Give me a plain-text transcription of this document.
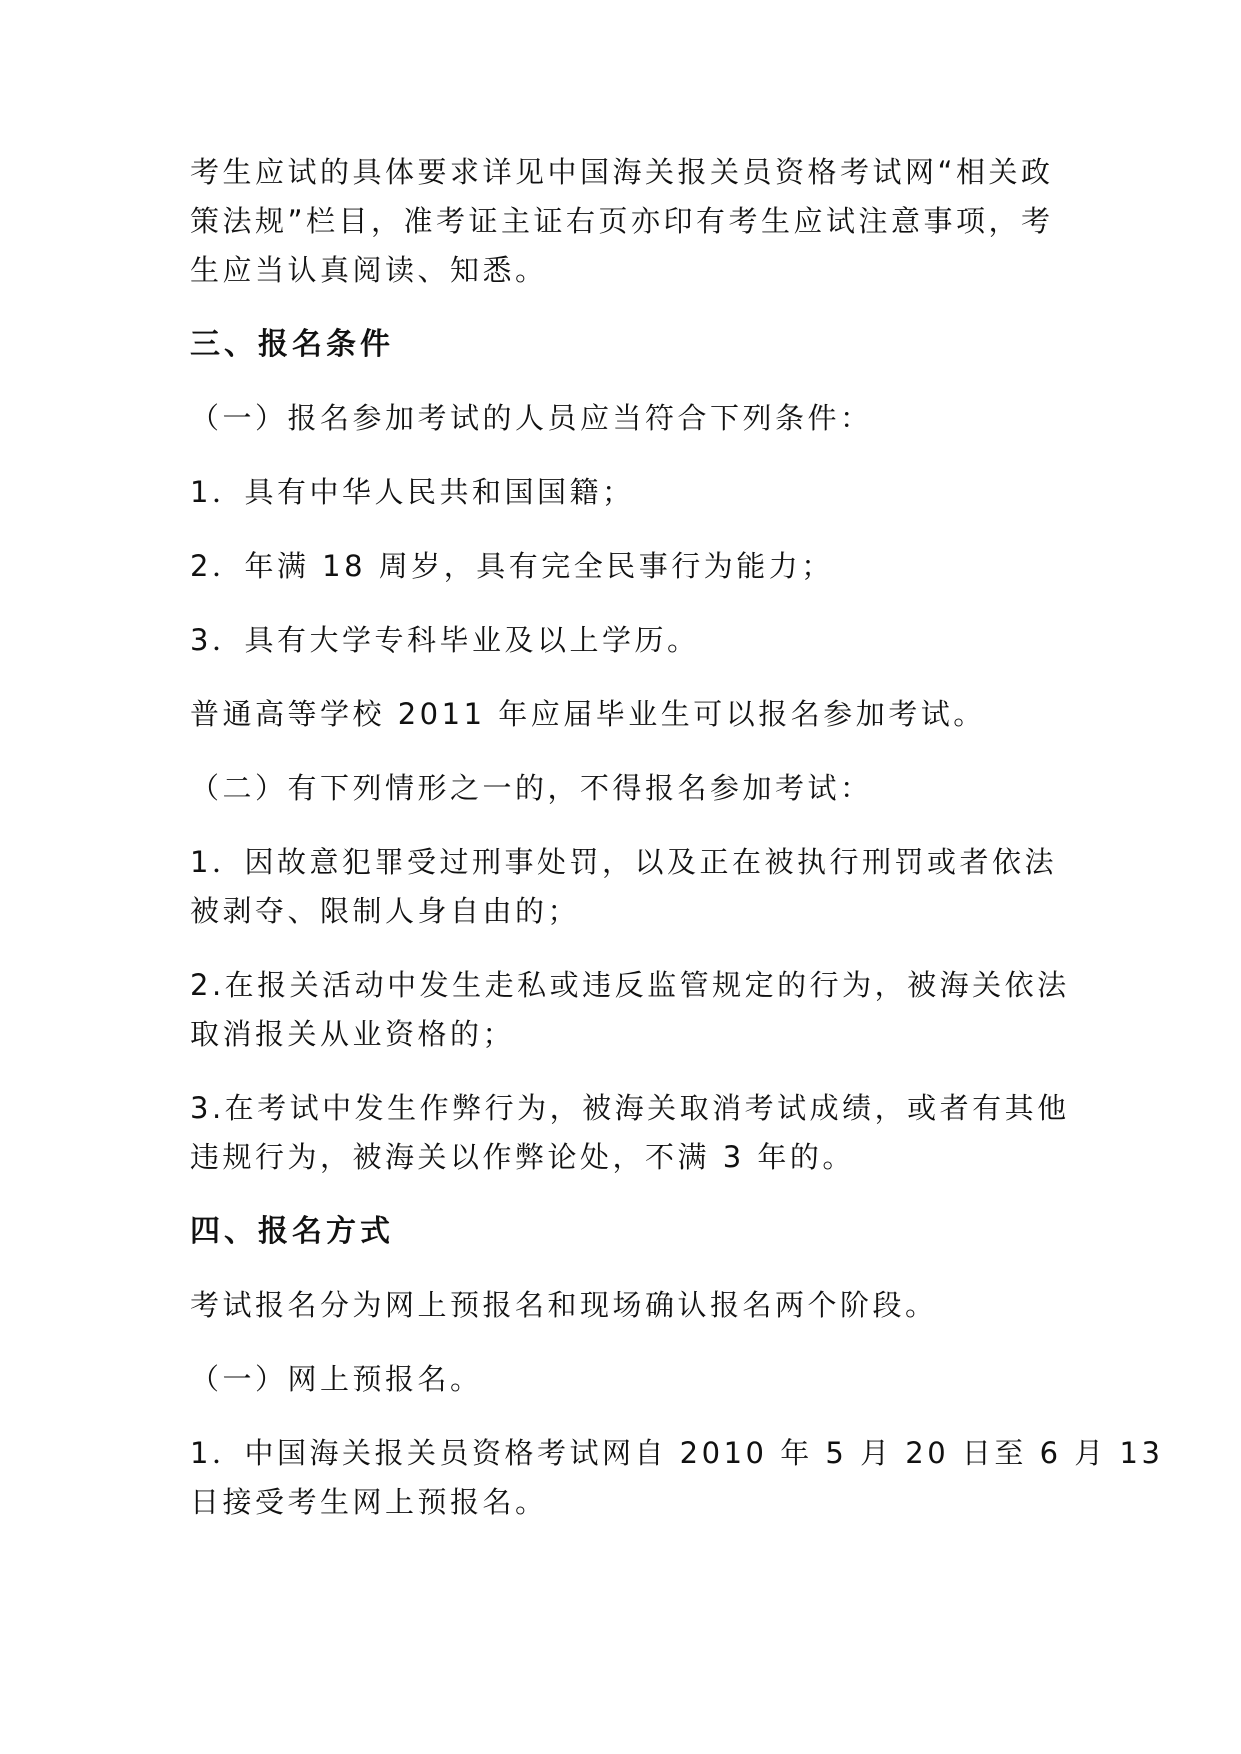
考生应试的具体要求详见中国海关报关员资格考试网“相关政
策法规”栏目，准考证主证右页亦印有考生应试注意事项，考
生应当认真阅读、知悉。

三、报名条件

（一）报名参加考试的人员应当符合下列条件：

1．具有中华人民共和国国籍；

2．年满 18 周岁，具有完全民事行为能力；

3．具有大学专科毕业及以上学历。

普通高等学校 2011 年应届毕业生可以报名参加考试。

（二）有下列情形之一的，不得报名参加考试：

1．因故意犯罪受过刑事处罚，以及正在被执行刑罚或者依法
被剥夺、限制人身自由的；

2.在报关活动中发生走私或违反监管规定的行为，被海关依法
取消报关从业资格的；

3.在考试中发生作弊行为，被海关取消考试成绩，或者有其他
违规行为，被海关以作弊论处，不满 3 年的。

四、报名方式

考试报名分为网上预报名和现场确认报名两个阶段。

（一）网上预报名。

1．中国海关报关员资格考试网自 2010 年 5 月 20 日至 6 月 13
日接受考生网上预报名。
